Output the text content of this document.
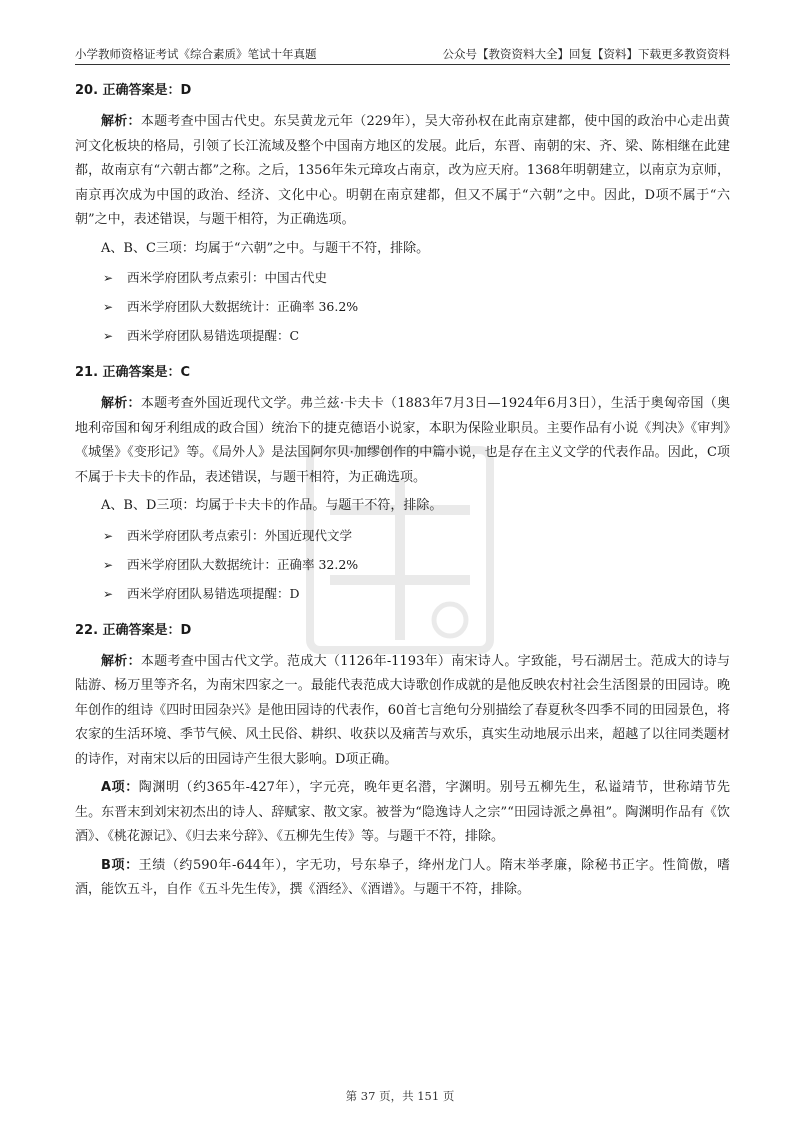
小学教师资格证考试《综合素质》笔试十年真题	公众号【教资资料大全】回复【资料】下载更多教资资料

20. 正确答案是：D

解析：本题考查中国古代史。东吴黄龙元年（229年），吴大帝孙权在此南京建都，使中国的政治中心走出黄河文化板块的格局，引领了长江流域及整个中国南方地区的发展。此后，东晋、南朝的宋、齐、梁、陈相继在此建都，故南京有“六朝古都”之称。之后，1356年朱元璋攻占南京，改为应天府。1368年明朝建立，以南京为京师，南京再次成为中国的政治、经济、文化中心。明朝在南京建都，但又不属于“六朝”之中。因此，D项不属于“六朝”之中，表述错误，与题干相符，为正确选项。

A、B、C三项：均属于“六朝”之中。与题干不符，排除。

➢ 西米学府团队考点索引：中国古代史
➢ 西米学府团队大数据统计：正确率 36.2%
➢ 西米学府团队易错选项提醒：C

21. 正确答案是：C

解析：本题考查外国近现代文学。弗兰兹·卡夫卡（1883年7月3日—1924年6月3日），生活于奥匈帝国（奥地利帝国和匈牙利组成的政合国）统治下的捷克德语小说家，本职为保险业职员。主要作品有小说《判决》《审判》《城堡》《变形记》等。《局外人》是法国阿尔贝·加缪创作的中篇小说，也是存在主义文学的代表作品。因此，C项不属于卡夫卡的作品，表述错误，与题干相符，为正确选项。

A、B、D三项：均属于卡夫卡的作品。与题干不符，排除。

➢ 西米学府团队考点索引：外国近现代文学
➢ 西米学府团队大数据统计：正确率 32.2%
➢ 西米学府团队易错选项提醒：D

22. 正确答案是：D

解析：本题考查中国古代文学。范成大（1126年-1193年）南宋诗人。字致能，号石湖居士。范成大的诗与陆游、杨万里等齐名，为南宋四家之一。最能代表范成大诗歌创作成就的是他反映农村社会生活图景的田园诗。晚年创作的组诗《四时田园杂兴》是他田园诗的代表作，60首七言绝句分别描绘了春夏秋冬四季不同的田园景色，将农家的生活环境、季节气候、风土民俗、耕织、收获以及痛苦与欢乐，真实生动地展示出来，超越了以往同类题材的诗作，对南宋以后的田园诗产生很大影响。D项正确。

A项：陶渊明（约365年-427年），字元亮，晚年更名潜，字渊明。别号五柳先生，私谥靖节，世称靖节先生。东晋末到刘宋初杰出的诗人、辞赋家、散文家。被誉为“隐逸诗人之宗”“田园诗派之鼻祖”。陶渊明作品有《饮酒》、《桃花源记》、《归去来兮辞》、《五柳先生传》等。与题干不符，排除。

B项：王绩（约590年-644年），字无功，号东皋子，绛州龙门人。隋末举孝廉，除秘书正字。性简傲，嗜酒，能饮五斗，自作《五斗先生传》，撰《酒经》、《酒谱》。与题干不符，排除。

第 37 页，共 151 页
